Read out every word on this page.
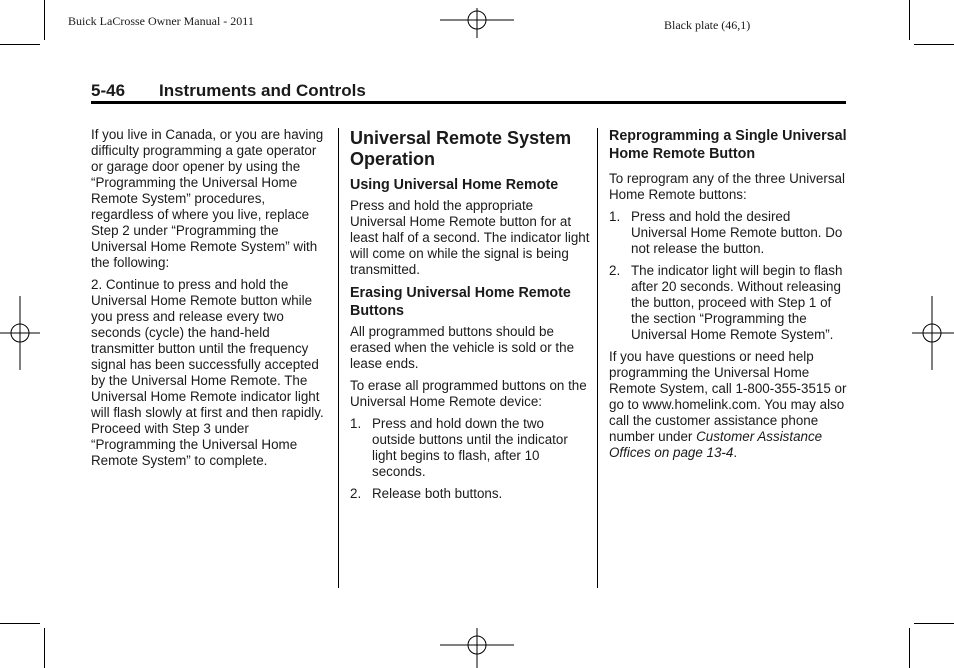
Buick LaCrosse Owner Manual - 2011	Black plate (46,1)
5-46 Instruments and Controls

If you live in Canada, or you are having difficulty programming a gate operator or garage door opener by using the “Programming the Universal Home Remote System” procedures, regardless of where you live, replace Step 2 under “Programming the Universal Home Remote System” with the following:

2. Continue to press and hold the Universal Home Remote button while you press and release every two seconds (cycle) the hand-held transmitter button until the frequency signal has been successfully accepted by the Universal Home Remote. The Universal Home Remote indicator light will flash slowly at first and then rapidly. Proceed with Step 3 under “Programming the Universal Home Remote System” to complete.

Universal Remote System Operation
Using Universal Home Remote

Press and hold the appropriate Universal Home Remote button for at least half of a second. The indicator light will come on while the signal is being transmitted.

Erasing Universal Home Remote Buttons

All programmed buttons should be erased when the vehicle is sold or the lease ends.

To erase all programmed buttons on the Universal Home Remote device:

1. Press and hold down the two outside buttons until the indicator light begins to flash, after 10 seconds.
2. Release both buttons.
Reprogramming a Single Universal Home Remote Button

To reprogram any of the three Universal Home Remote buttons:

1. Press and hold the desired Universal Home Remote button. Do not release the button.
2. The indicator light will begin to flash after 20 seconds. Without releasing the button, proceed with Step 1 of the section “Programming the Universal Home Remote System”.

If you have questions or need help programming the Universal Home Remote System, call 1-800-355-3515 or go to www.homelink.com. You may also call the customer assistance phone number under Customer Assistance Offices on page 13-4.
